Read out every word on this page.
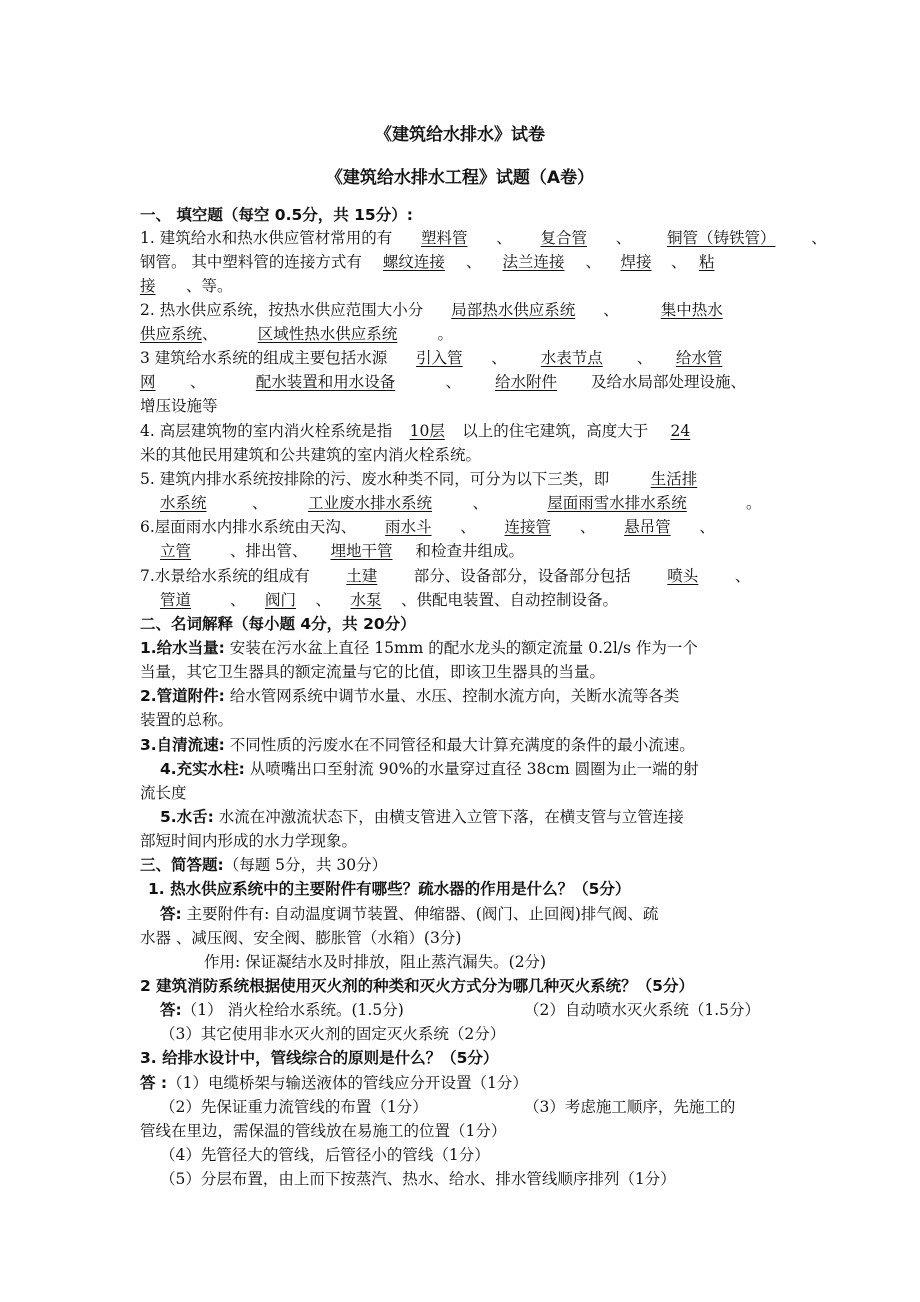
《建筑给水排水》试卷
《建筑给水排水工程》试题（A卷）
一、 填空题（每空 0.5分，共 15分）:
1. 建筑给水和热水供应管材常用的有 塑料管 、 复合管 、 铜管（铸铁管） 、
钢管。 其中塑料管的连接方式有 螺纹连接 、 法兰连接 、 焊接 、 粘
接 、等。
2. 热水供应系统，按热水供应范围大小分 局部热水供应系统 、	集中热水
供应系统、	区域性热水供应系统	。
3 建筑给水系统的组成主要包括水源 引入管 、 水表节点 、 给水管
网 、	配水装置和用水设备	、 给水附件 及给水局部处理设施、
增压设施等
4. 高层建筑物的室内消火栓系统是指 10层 以上的住宅建筑，高度大于 24
米的其他民用建筑和公共建筑的室内消火栓系统。
5. 建筑内排水系统按排除的污、废水种类不同，可分为以下三类，即	生活排
水系统	、	工业废水排水系统	、	屋面雨雪水排水系统	。
6.屋面雨水内排水系统由天沟、 雨水斗 、 连接管 、 悬吊管 、
立管	、排出管、 埋地干管 和检查井组成。
7.水景给水系统的组成有 土建 部分、设备部分，设备部分包括 喷头 、
管道	、 阀门 、 水泵 、供配电装置、自动控制设备。
二、名词解释（每小题 4分，共 20分）
1.给水当量: 安装在污水盆上直径 15mm 的配水龙头的额定流量 0.2l/s 作为一个
当量，其它卫生器具的额定流量与它的比值，即该卫生器具的当量。
2.管道附件: 给水管网系统中调节水量、水压、控制水流方向，关断水流等各类
装置的总称。
3.自清流速: 不同性质的污废水在不同管径和最大计算充满度的条件的最小流速。
4.充实水柱: 从喷嘴出口至射流 90%的水量穿过直径 38cm 圆圈为止一端的射
流长度
5.水舌: 水流在冲激流状态下，由横支管进入立管下落，在横支管与立管连接
部短时间内形成的水力学现象。
三、简答题:（每题 5分，共 30分）
1. 热水供应系统中的主要附件有哪些？疏水器的作用是什么？（5分）
答: 主要附件有: 自动温度调节装置、伸缩器、(阀门、止回阀)排气阀、疏
水器 、减压阀、安全阀、膨胀管（水箱）(3分)
作用: 保证凝结水及时排放，阻止蒸汽漏失。(2分)
2 建筑消防系统根据使用灭火剂的种类和灭火方式分为哪几种灭火系统？（5分）
答:（1） 消火栓给水系统。(1.5分)	（2）自动喷水灭火系统（1.5分）
（3）其它使用非水灭火剂的固定灭火系统（2分）
3. 给排水设计中，管线综合的原则是什么？（5分）
答 :（1）电缆桥架与输送液体的管线应分开设置（1分）
（2）先保证重力流管线的布置（1分）	（3）考虑施工顺序，先施工的
管线在里边，需保温的管线放在易施工的位置（1分）
（4）先管径大的管线，后管径小的管线（1分）
（5）分层布置，由上而下按蒸汽、热水、给水、排水管线顺序排列（1分）
